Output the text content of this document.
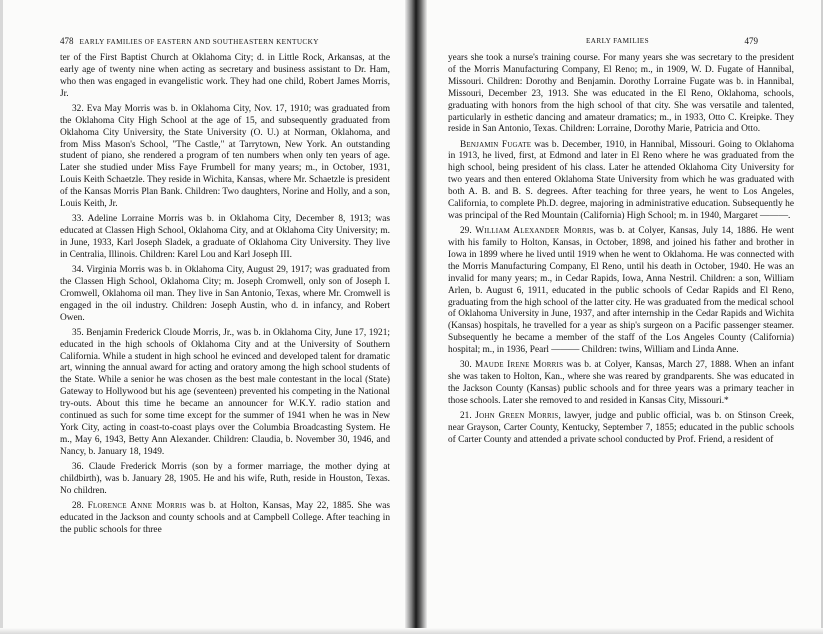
478 EARLY FAMILIES OF EASTERN AND SOUTHEASTERN KENTUCKY

ter of the First Baptist Church at Oklahoma City; d. in Little Rock, Arkansas, at the early age of twenty nine when acting as secretary and business assistant to Dr. Ham, who then was engaged in evangelistic work. They had one child, Robert James Morris, Jr.

32. Eva May Morris was b. in Oklahoma City, Nov. 17, 1910; was graduated from the Oklahoma City High School at the age of 15, and subsequently graduated from Oklahoma City University, the State University (O. U.) at Norman, Oklahoma, and from Miss Mason's School, "The Castle," at Tarrytown, New York. An outstanding student of piano, she rendered a program of ten numbers when only ten years of age. Later she studied under Miss Faye Frumbell for many years; m., in October, 1931, Louis Keith Schaetzle. They reside in Wichita, Kansas, where Mr. Schaetzle is president of the Kansas Morris Plan Bank. Children: Two daughters, Norine and Holly, and a son, Louis Keith, Jr.

33. Adeline Lorraine Morris was b. in Oklahoma City, December 8, 1913; was educated at Classen High School, Oklahoma City, and at Oklahoma City University; m. in June, 1933, Karl Joseph Sladek, a graduate of Oklahoma City University. They live in Centralia, Illinois. Children: Karel Lou and Karl Joseph III.

34. Virginia Morris was b. in Oklahoma City, August 29, 1917; was graduated from the Classen High School, Oklahoma City; m. Joseph Cromwell, only son of Joseph I. Cromwell, Oklahoma oil man. They live in San Antonio, Texas, where Mr. Cromwell is engaged in the oil industry. Children: Joseph Austin, who d. in infancy, and Robert Owen.

35. Benjamin Frederick Cloude Morris, Jr., was b. in Oklahoma City, June 17, 1921; educated in the high schools of Oklahoma City and at the University of Southern California. While a student in high school he evinced and developed talent for dramatic art, winning the annual award for acting and oratory among the high school students of the State. While a senior he was chosen as the best male contestant in the local (State) Gateway to Hollywood but his age (seventeen) prevented his competing in the National try-outs. About this time he became an announcer for W.K.Y. radio station and continued as such for some time except for the summer of 1941 when he was in New York City, acting in coast-to-coast plays over the Columbia Broadcasting System. He m., May 6, 1943, Betty Ann Alexander. Children: Claudia, b. November 30, 1946, and Nancy, b. January 18, 1949.

36. Claude Frederick Morris (son by a former marriage, the mother dying at childbirth), was b. January 28, 1905. He and his wife, Ruth, reside in Houston, Texas. No children.

28. Florence Anne Morris was b. at Holton, Kansas, May 22, 1885. She was educated in the Jackson and county schools and at Campbell College. After teaching in the public schools for three

EARLY FAMILIES	479

years she took a nurse's training course. For many years she was secretary to the president of the Morris Manufacturing Company, El Reno; m., in 1909, W. D. Fugate of Hannibal, Missouri. Children: Dorothy and Benjamin. Dorothy Lorraine Fugate was b. in Hannibal, Missouri, December 23, 1913. She was educated in the El Reno, Oklahoma, schools, graduating with honors from the high school of that city. She was versatile and talented, particularly in esthetic dancing and amateur dramatics; m., in 1933, Otto C. Kreipke. They reside in San Antonio, Texas. Children: Lorraine, Dorothy Marie, Patricia and Otto.

Benjamin Fugate was b. December, 1910, in Hannibal, Missouri. Going to Oklahoma in 1913, he lived, first, at Edmond and later in El Reno where he was graduated from the high school, being president of his class. Later he attended Oklahoma City University for two years and then entered Oklahoma State University from which he was graduated with both A. B. and B. S. degrees. After teaching for three years, he went to Los Angeles, California, to complete Ph.D. degree, majoring in administrative education. Subsequently he was principal of the Red Mountain (California) High School; m. in 1940, Margaret ———.

29. William Alexander Morris, was b. at Colyer, Kansas, July 14, 1886. He went with his family to Holton, Kansas, in October, 1898, and joined his father and brother in Iowa in 1899 where he lived until 1919 when he went to Oklahoma. He was connected with the Morris Manufacturing Company, El Reno, until his death in October, 1940. He was an invalid for many years; m., in Cedar Rapids, Iowa, Anna Nestril. Children: a son, William Arlen, b. August 6, 1911, educated in the public schools of Cedar Rapids and El Reno, graduating from the high school of the latter city. He was graduated from the medical school of Oklahoma University in June, 1937, and after internship in the Cedar Rapids and Wichita (Kansas) hospitals, he travelled for a year as ship's surgeon on a Pacific passenger steamer. Subsequently he became a member of the staff of the Los Angeles County (California) hospital; m., in 1936, Pearl ——— Children: twins, William and Linda Anne.

30. Maude Irene Morris was b. at Colyer, Kansas, March 27, 1888. When an infant she was taken to Holton, Kan., where she was reared by grandparents. She was educated in the Jackson County (Kansas) public schools and for three years was a primary teacher in those schools. Later she removed to and resided in Kansas City, Missouri.*

21. John Green Morris, lawyer, judge and public official, was b. on Stinson Creek, near Grayson, Carter County, Kentucky, September 7, 1855; educated in the public schools of Carter County and attended a private school conducted by Prof. Friend, a resident of
